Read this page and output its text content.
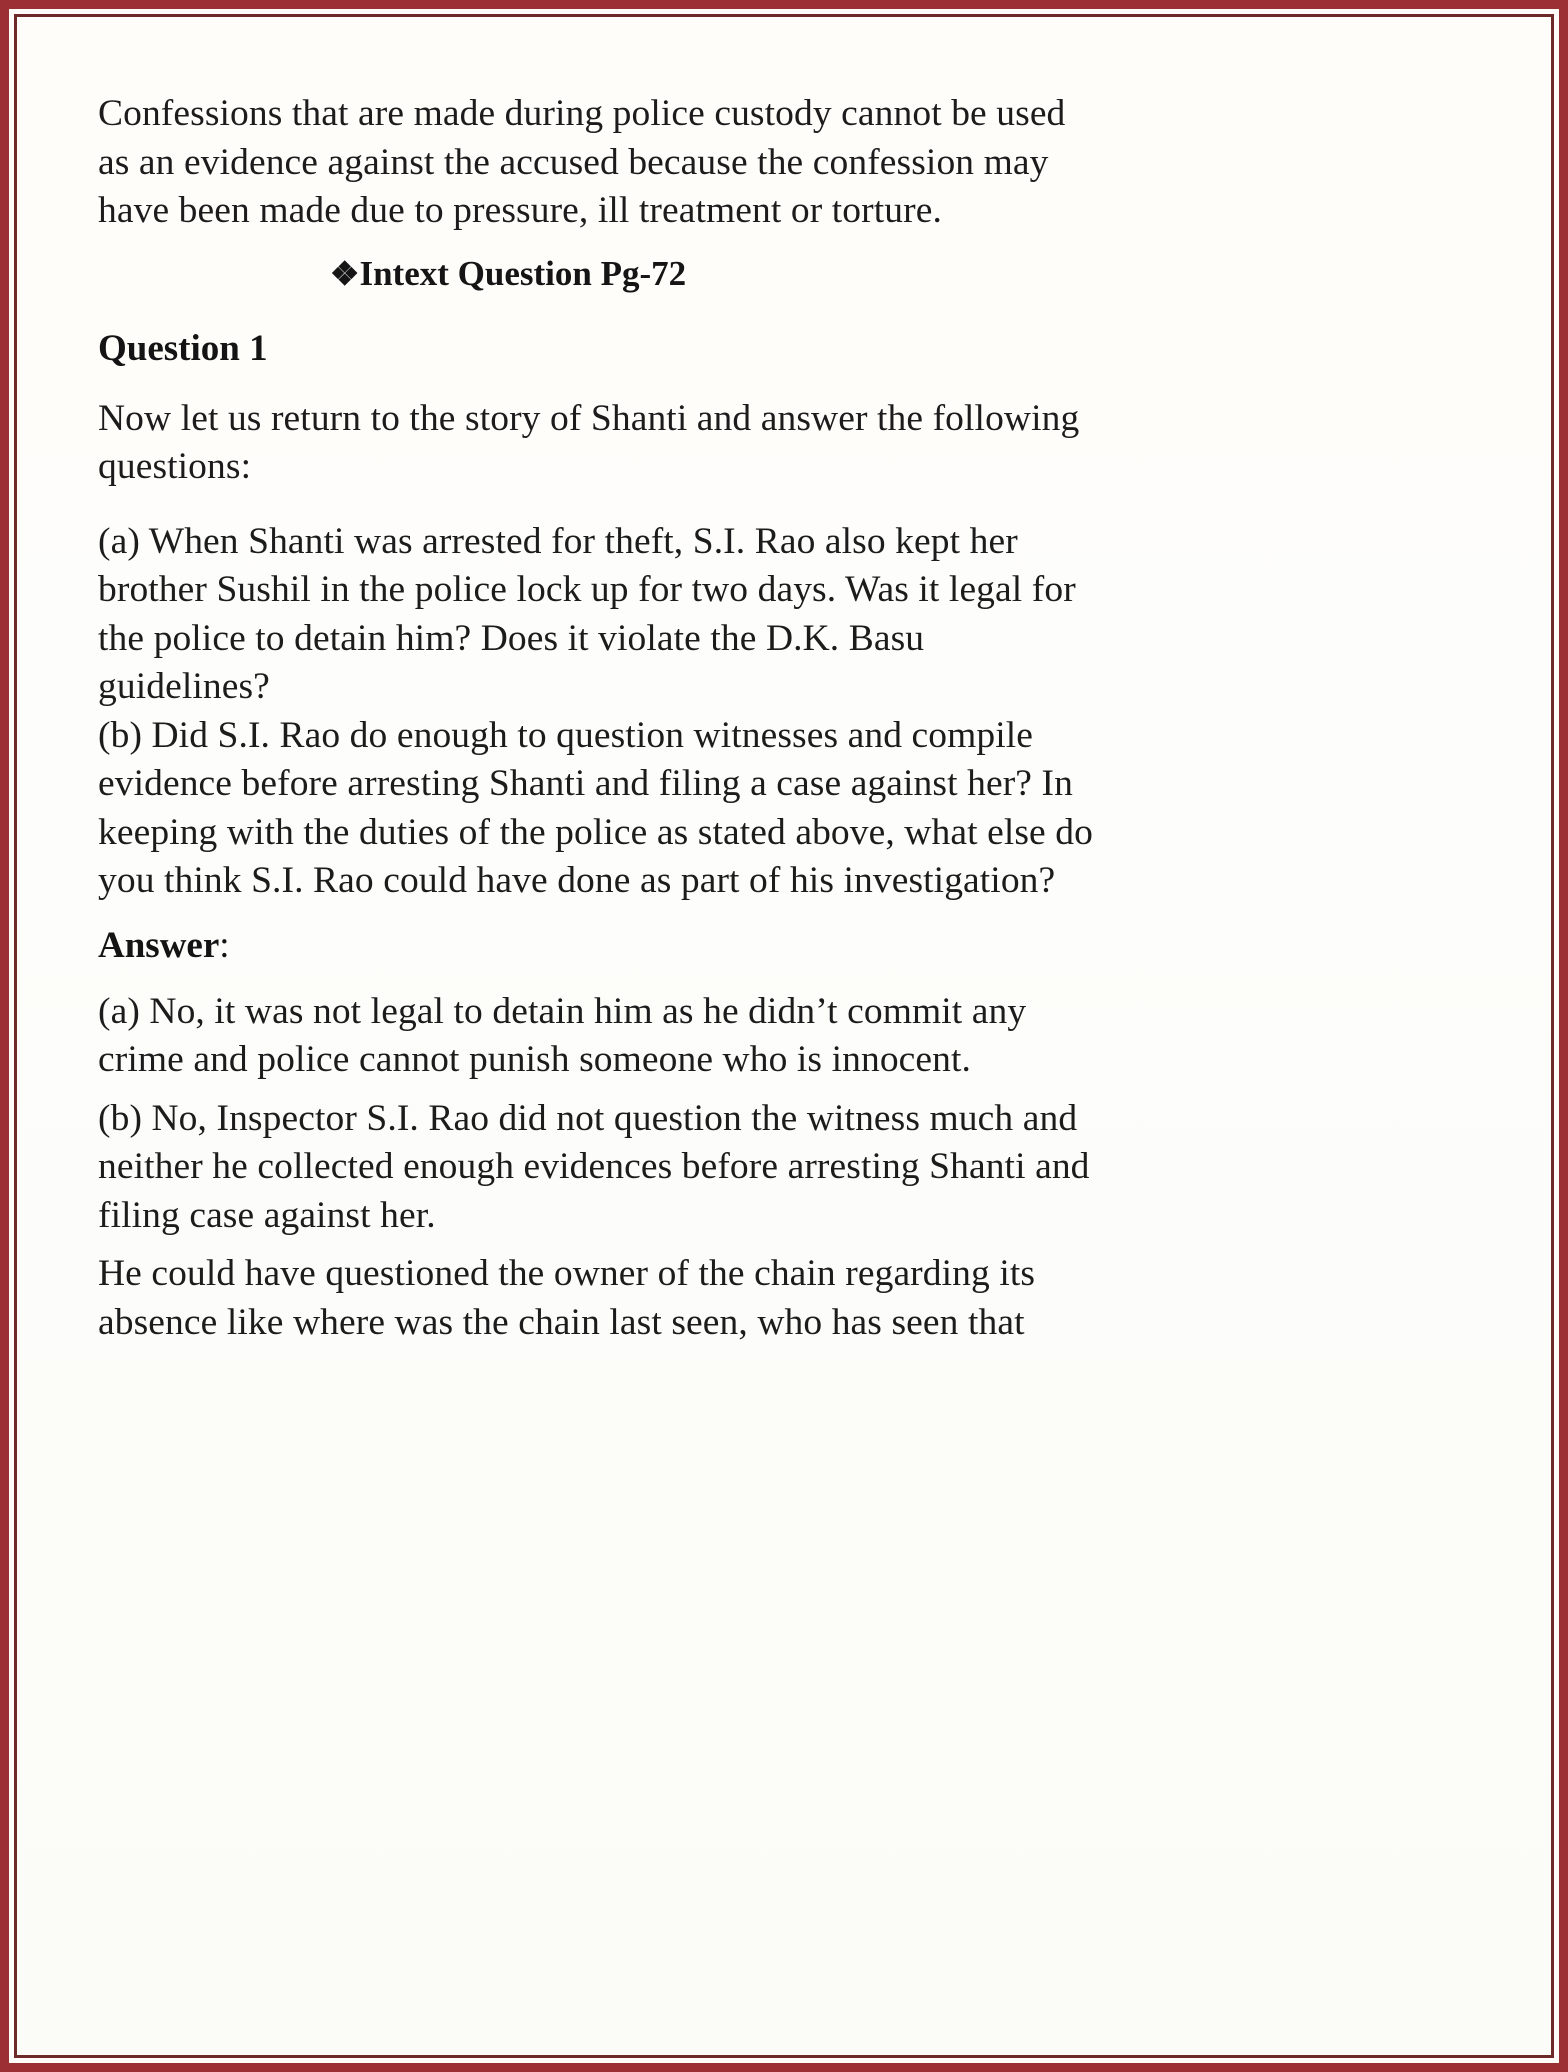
Confessions that are made during police custody cannot be used as an evidence against the accused because the confession may have been made due to pressure, ill treatment or torture.

❖Intext Question Pg-72
Question 1

Now let us return to the story of Shanti and answer the following questions:

(a) When Shanti was arrested for theft, S.I. Rao also kept her brother Sushil in the police lock up for two days. Was it legal for the police to detain him? Does it violate the D.K. Basu guidelines?

(b) Did S.I. Rao do enough to question witnesses and compile evidence before arresting Shanti and filing a case against her? In keeping with the duties of the police as stated above, what else do you think S.I. Rao could have done as part of his investigation?

Answer:

(a) No, it was not legal to detain him as he didn’t commit any crime and police cannot punish someone who is innocent.

(b) No, Inspector S.I. Rao did not question the witness much and neither he collected enough evidences before arresting Shanti and filing case against her.

He could have questioned the owner of the chain regarding its absence like where was the chain last seen, who has seen that
